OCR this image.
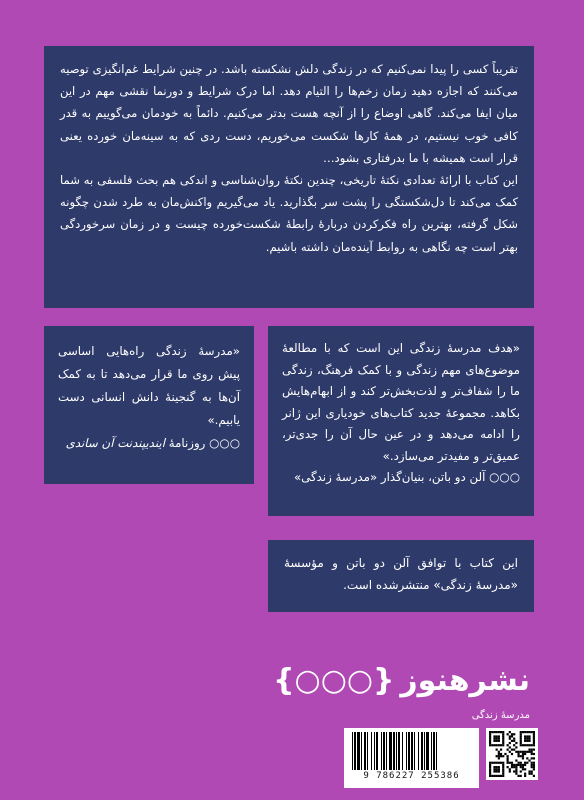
تقریباً کسی را پیدا نمی‌کنیم که در زندگی دلش نشکسته باشد. در چنین شرایط غم‌انگیزی توصیه می‌کنند که اجازه دهید زمان زخم‌ها را التیام دهد. اما درک شرایط و دورنما نقشی مهم در این میان ایفا می‌کند. گاهی اوضاع را از آنچه هست بدتر می‌کنیم. دائماً به خودمان می‌گوییم به قدر کافی خوب نیستیم، در همهٔ کارها شکست می‌خوریم، دست ردی که به سینه‌مان خورده یعنی قرار است همیشه با ما بدرفتاری بشود…

این کتاب با ارائهٔ تعدادی نکتهٔ تاریخی، چندین نکتهٔ روان‌شناسی و اندکی هم بحث فلسفی به شما کمک می‌کند تا دل‌شکستگی را پشت سر بگذارید. یاد می‌گیریم واکنش‌مان به طرد شدن چگونه شکل گرفته، بهترین راه فکرکردن دربارهٔ رابطهٔ شکست‌خورده چیست و در زمان سرخوردگی بهتر است چه نگاهی به روابط آینده‌مان داشته باشیم.

«مدرسهٔ زندگی راه‌هایی اساسی پیش روی ما قرار می‌دهد تا به کمک آن‌ها به گنجینهٔ دانش انسانی دست یابیم.»

○○○ روزنامهٔ ایندیپندنت آن ساندی

«هدف مدرسهٔ زندگی این است که با مطالعهٔ موضوع‌های مهم زندگی و با کمک فرهنگ، زندگی ما را شفاف‌تر و لذت‌بخش‌تر کند و از ابهام‌هایش بکاهد. مجموعهٔ جدید کتاب‌های خودیاری این ژانر را ادامه می‌دهد و در عین حال آن را جدی‌تر، عمیق‌تر و مفیدتر می‌سازد.»

○○○ آلن دو باتن، بنیان‌گذار «مدرسهٔ زندگی»

این کتاب با توافق آلن دو باتن و مؤسسهٔ «مدرسهٔ زندگی» منتشرشده است.

نشرهنوز
{○○○}
مدرسهٔ زندگی
9 786227 255386
